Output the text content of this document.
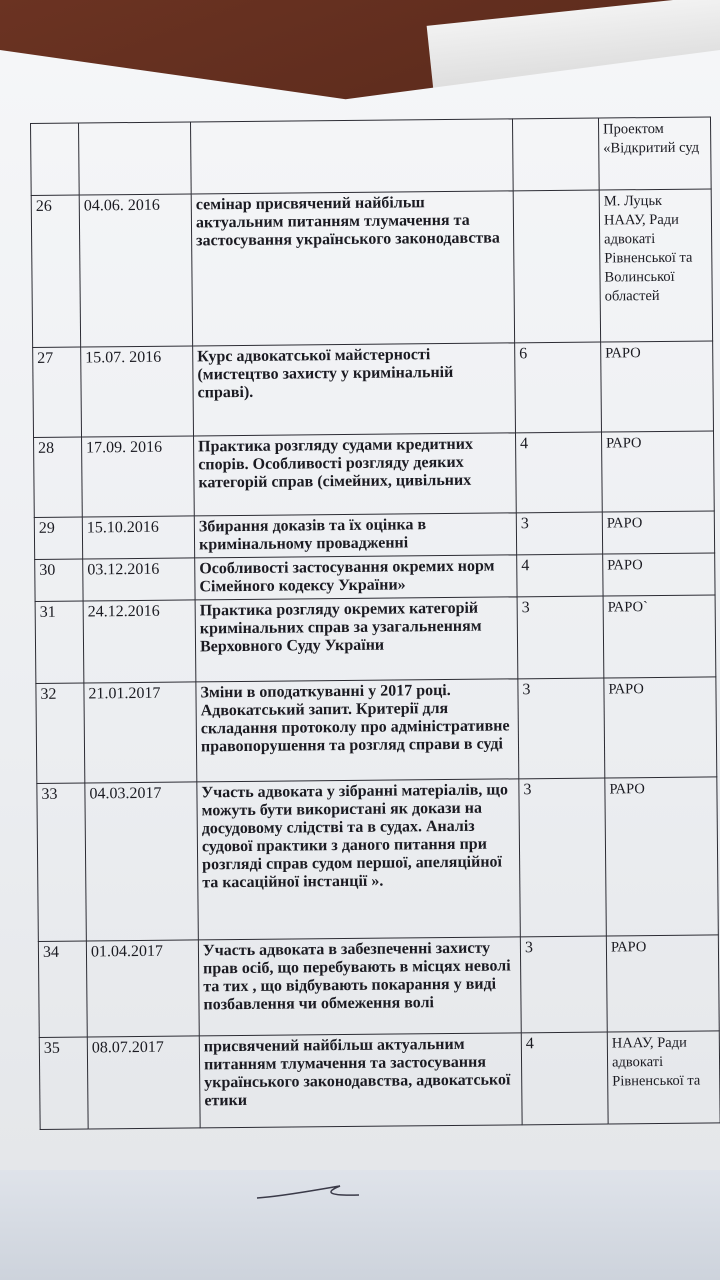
				Проектом «Відкритий суд
26	04.06. 2016	семінар присвячений найбільш актуальним питанням тлумачення та застосування українського законодавства		М. Луцьк НААУ, Ради адвокаті Рівненської та Волинської областей
27	15.07. 2016	Курс адвокатської майстерності (мистецтво захисту у кримінальній справі).	6	РАРО
28	17.09. 2016	Практика розгляду судами кредитних спорів. Особливості розгляду деяких категорій справ (сімейних, цивільних	4	РАРО
29	15.10.2016	Збирання доказів та їх оцінка в кримінальному провадженні	3	РАРО
30	03.12.2016	Особливості застосування окремих норм Сімейного кодексу України»	4	РАРО
31	24.12.2016	Практика розгляду окремих категорій кримінальних справ за узагальненням Верховного Суду України	3	РАРО`
32	21.01.2017	Зміни в оподаткуванні у 2017 році. Адвокатський запит. Критерії для складання протоколу про адміністративне правопорушення та розгляд справи в суді	3	РАРО
33	04.03.2017	Участь адвоката у зібранні матеріалів, що можуть бути використані як докази на досудовому слідстві та в судах. Аналіз судової практики з даного питання при розгляді справ судом першої, апеляційної та касаційної інстанції ».	3	РАРО
34	01.04.2017	Участь адвоката в забезпеченні захисту прав осіб, що перебувають в місцях неволі та тих , що відбувають покарання у виді позбавлення чи обмеження волі	3	РАРО
35	08.07.2017	присвячений найбільш актуальним питанням тлумачення та застосування українського законодавства, адвокатської етики	4	НААУ, Ради адвокаті Рівненської та
